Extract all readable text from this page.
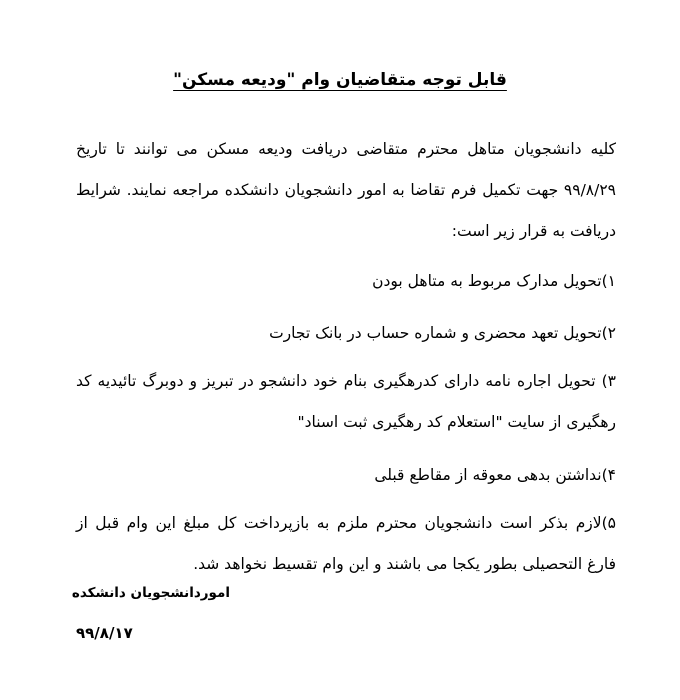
قابل توجه متقاضیان وام "ودیعه مسکن"

کلیه دانشجویان متاهل محترم متقاضی دریافت ودیعه مسکن می توانند تا تاریخ ۹۹/۸/۲۹ جهت تکمیل فرم تقاضا به امور دانشجویان دانشکده مراجعه نمایند. شرایط دریافت به قرار زیر است:

۱)تحویل مدارک مربوط به متاهل بودن

۲)تحویل تعهد محضری و شماره حساب در بانک تجارت

۳) تحویل اجاره نامه دارای کدرهگیری بنام خود دانشجو در تبریز و دوبرگ تائیدیه کد رهگیری از سایت "استعلام کد رهگیری ثبت اسناد"

۴)نداشتن بدهی معوقه از مقاطع قبلی

۵)لازم بذکر است دانشجویان محترم ملزم به بازپرداخت کل مبلغ این وام قبل از فارغ التحصیلی بطور یکجا می باشند و این وام تقسیط نخواهد شد.

اموردانشجویان دانشکده
۹۹/۸/۱۷
